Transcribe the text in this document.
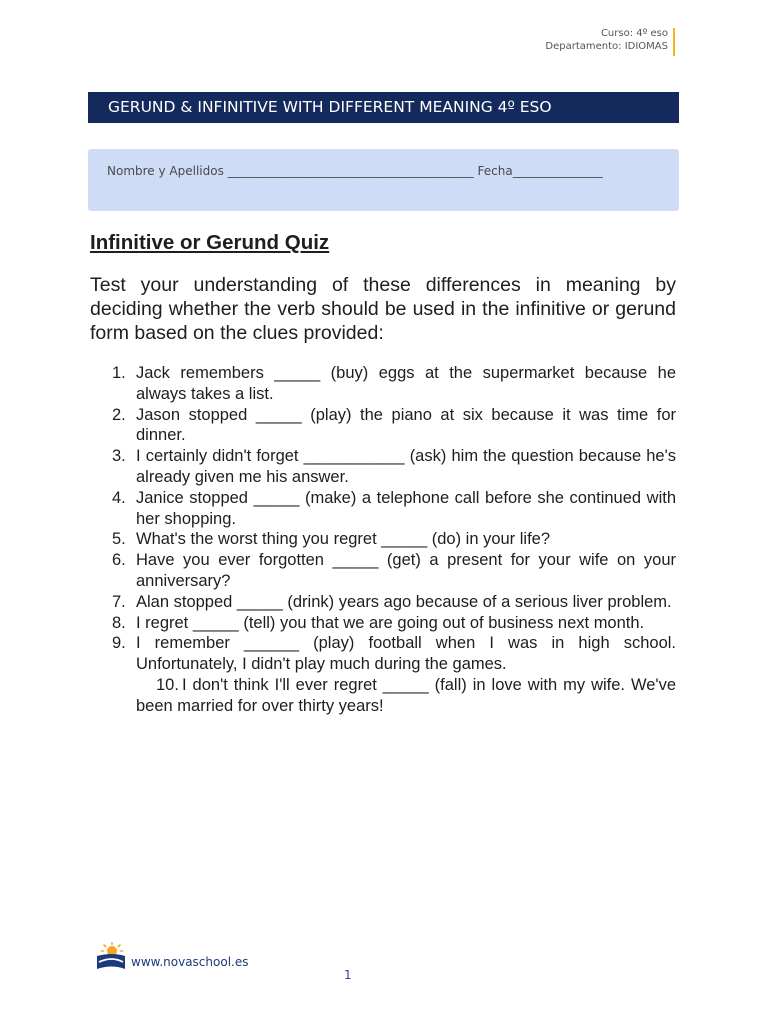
Curso: 4º eso
Departamento: IDIOMAS
GERUND & INFINITIVE WITH DIFFERENT MEANING 4º ESO
Nombre y Apellidos _________________________________________ Fecha_______________
Infinitive or Gerund Quiz

Test your understanding of these differences in meaning by deciding whether the verb should be used in the infinitive or gerund form based on the clues provided:

1. Jack remembers _____ (buy) eggs at the supermarket because he always takes a list.
2. Jason stopped _____ (play) the piano at six because it was time for dinner.
3. I certainly didn't forget ___________ (ask) him the question because he's already given me his answer.
4. Janice stopped _____ (make) a telephone call before she continued with her shopping.
5. What's the worst thing you regret _____ (do) in your life?
6. Have you ever forgotten _____ (get) a present for your wife on your anniversary?
7. Alan stopped _____ (drink) years ago because of a serious liver problem.
8. I regret _____ (tell) you that we are going out of business next month.
9. I remember ______ (play) football when I was in high school. Unfortunately, I didn't play much during the games.
10. I don't think I'll ever regret _____ (fall) in love with my wife. We've been married for over thirty years!
www.novaschool.es
1
